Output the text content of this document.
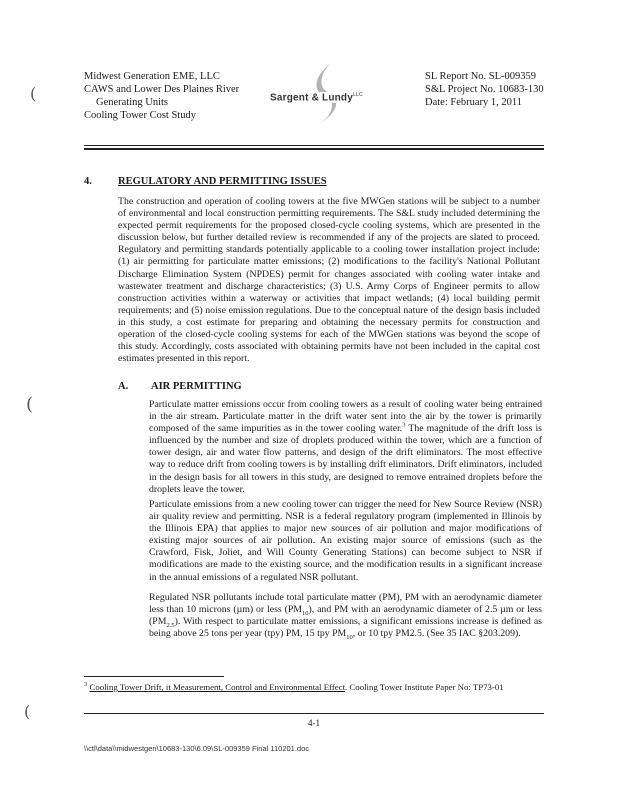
Midwest Generation EME, LLC
CAWS and Lower Des Plaines River
Generating Units
Cooling Tower Cost Study
Sargent & Lundy$^{LLC}$
SL Report No. SL-009359
S&L Project No. 10683-130
Date: February 1, 2011
4. REGULATORY AND PERMITTING ISSUES
The construction and operation of cooling towers at the five MWGen stations will be subject to a number of environmental and local construction permitting requirements. The S&L study included determining the expected permit requirements for the proposed closed-cycle cooling systems, which are presented in the discussion below, but further detailed review is recommended if any of the projects are slated to proceed. Regulatory and permitting standards potentially applicable to a cooling tower installation project include: (1) air permitting for particulate matter emissions; (2) modifications to the facility's National Pollutant Discharge Elimination System (NPDES) permit for changes associated with cooling water intake and wastewater treatment and discharge characteristics; (3) U.S. Army Corps of Engineer permits to allow construction activities within a waterway or activities that impact wetlands; (4) local building permit requirements; and (5) noise emission regulations. Due to the conceptual nature of the design basis included in this study, a cost estimate for preparing and obtaining the necessary permits for construction and operation of the closed-cycle cooling systems for each of the MWGen stations was beyond the scope of this study. Accordingly, costs associated with obtaining permits have not been included in the capital cost estimates presented in this report.
A. AIR PERMITTING
Particulate matter emissions occur from cooling towers as a result of cooling water being entrained in the air stream. Particulate matter in the drift water sent into the air by the tower is primarily composed of the same impurities as in the tower cooling water.$^3$ The magnitude of the drift loss is influenced by the number and size of droplets produced within the tower, which are a function of tower design, air and water flow patterns, and design of the drift eliminators. The most effective way to reduce drift from cooling towers is by installing drift eliminators. Drift eliminators, included in the design basis for all towers in this study, are designed to remove entrained droplets before the droplets leave the tower.
Particulate emissions from a new cooling tower can trigger the need for New Source Review (NSR) air quality review and permitting. NSR is a federal regulatory program (implemented in Illinois by the Illinois EPA) that applies to major new sources of air pollution and major modifications of existing major sources of air pollution. An existing major source of emissions (such as the Crawford, Fisk, Joliet, and Will County Generating Stations) can become subject to NSR if modifications are made to the existing source, and the modification results in a significant increase in the annual emissions of a regulated NSR pollutant.
Regulated NSR pollutants include total particulate matter (PM), PM with an aerodynamic diameter less than 10 microns (µm) or less $(PM_{10})$, and PM with an aerodynamic diameter of 2.5 µm or less $(PM_{2.5})$. With respect to particulate matter emissions, a significant emissions increase is defined as being above 25 tons per year (tpy) PM, 15 tpy $PM_{10}$, or 10 tpy PM2.5. (See 35 IAC §203.209).
$^3$ Cooling Tower Drift, it Measurement, Control and Environmental Effect. Cooling Tower Institute Paper No: TP73-01
4-1
\\ctl\data\\midwestgen\10683-130\6.09\SL-009359 Final 110201.doc
(
(
(
